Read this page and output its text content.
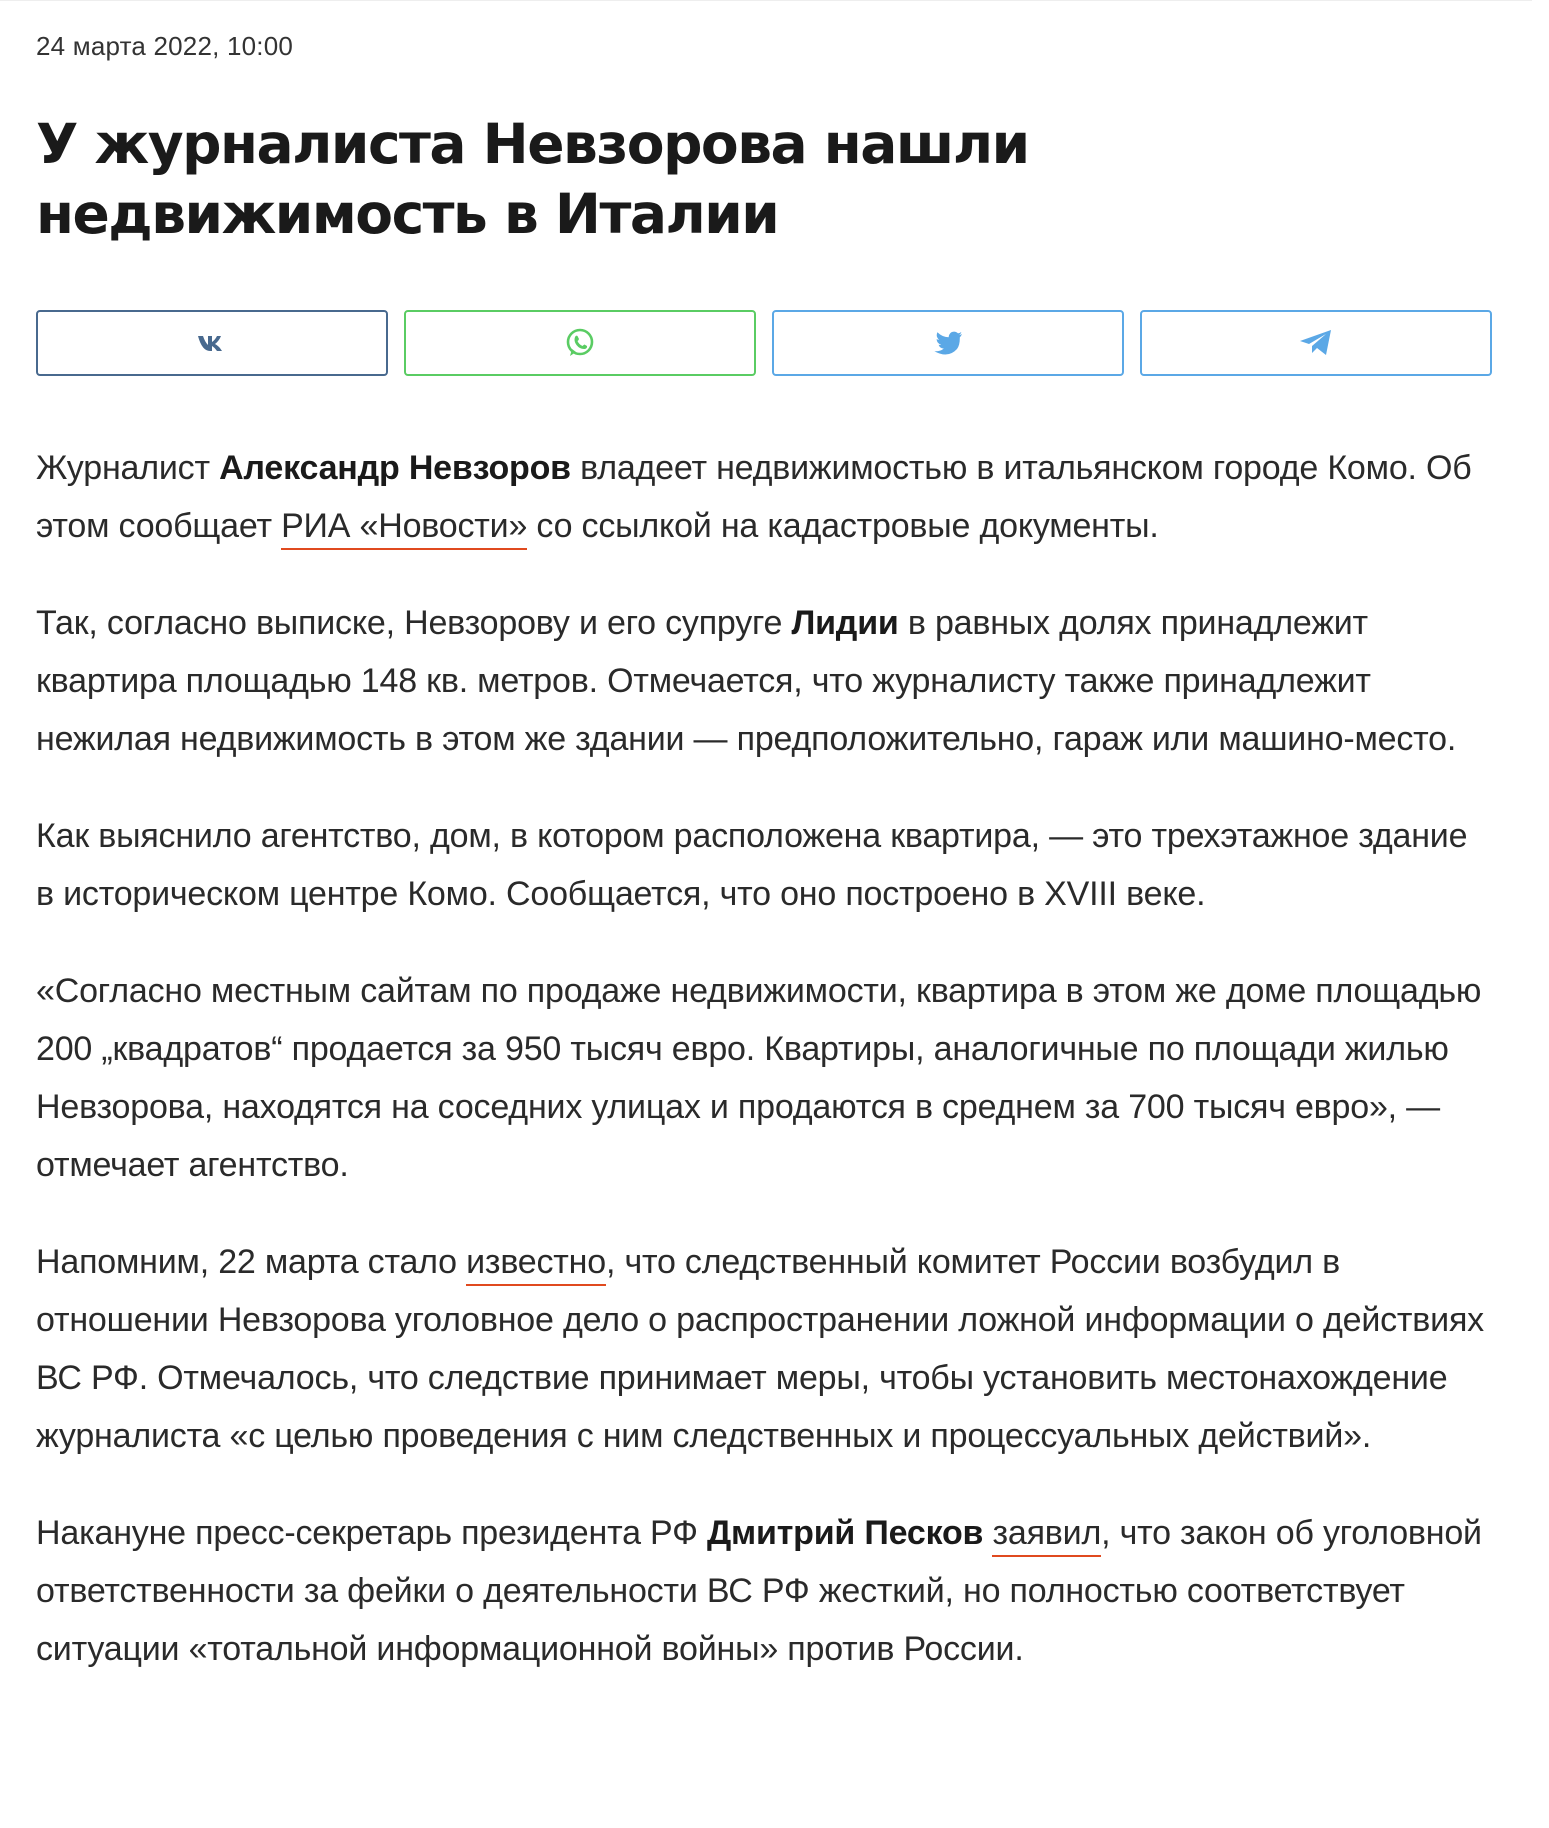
24 марта 2022, 10:00
У журналиста Невзорова нашли недвижимость в Италии

Журналист Александр Невзоров владеет недвижимостью в итальянском городе Комо. Об этом сообщает РИА «Новости» со ссылкой на кадастровые документы.

Так, согласно выписке, Невзорову и его супруге Лидии в равных долях принадлежит квартира площадью 148 кв. метров. Отмечается, что журналисту также принадлежит нежилая недвижимость в этом же здании — предположительно, гараж или машино-место.

Как выяснило агентство, дом, в котором расположена квартира, — это трехэтажное здание в историческом центре Комо. Сообщается, что оно построено в XVIII веке.

«Согласно местным сайтам по продаже недвижимости, квартира в этом же доме площадью 200 „квадратов“ продается за 950 тысяч евро. Квартиры, аналогичные по площади жилью Невзорова, находятся на соседних улицах и продаются в среднем за 700 тысяч евро», — отмечает агентство.

Напомним, 22 марта стало известно, что следственный комитет России возбудил в отношении Невзорова уголовное дело о распространении ложной информации о действиях ВС РФ. Отмечалось, что следствие принимает меры, чтобы установить местонахождение журналиста «с целью проведения с ним следственных и процессуальных действий».

Накануне пресс-секретарь президента РФ Дмитрий Песков заявил, что закон об уголовной ответственности за фейки о деятельности ВС РФ жесткий, но полностью соответствует ситуации «тотальной информационной войны» против России.
